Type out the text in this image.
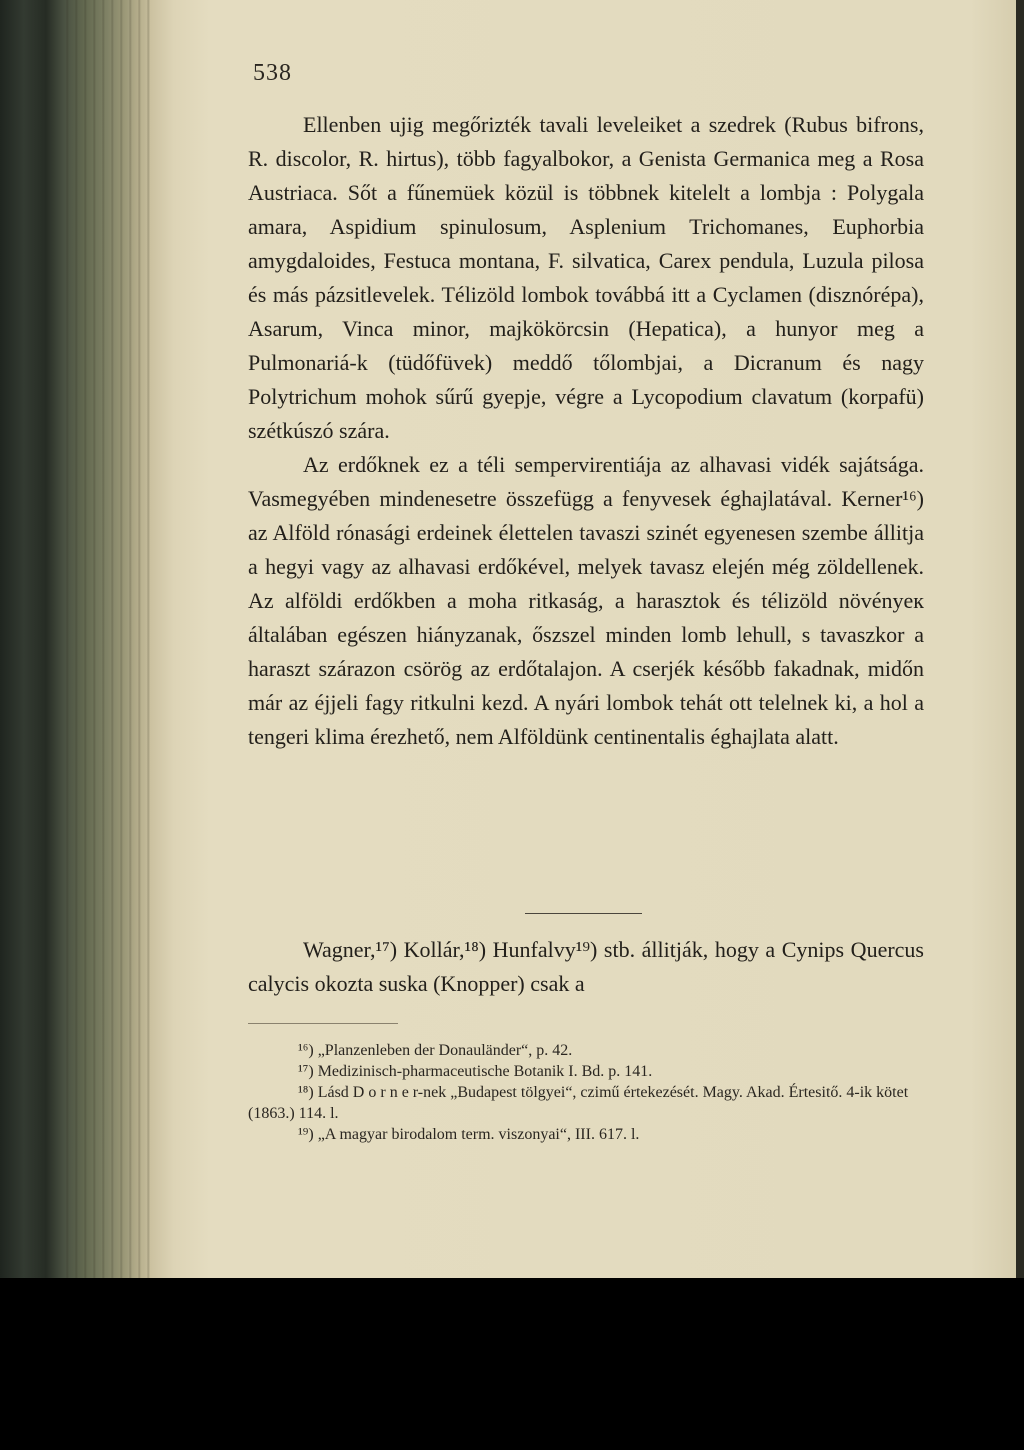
538

Ellenben ujig megőrizték tavali leveleiket a szedrek (Rubus bifrons, R. discolor, R. hirtus), több fagyalbokor, a Genista Germanica meg a Rosa Austriaca. Sőt a fűnemüek közül is többnek kitelelt a lombja : Polygala amara, Aspidium spinulosum, Asplenium Trichomanes, Euphorbia amygdaloides, Festuca montana, F. silvatica, Carex pendula, Luzula pilosa és más pázsitlevelek. Télizöld lombok továbbá itt a Cyclamen (disznórépa), Asarum, Vinca minor, majkökörcsin (Hepatica), a hunyor meg a Pulmonariá-k (tüdőfüvek) meddő tőlombjai, a Dicranum és nagy Polytrichum mohok sűrű gyepje, végre a Lycopodium clavatum (korpafü) szétkúszó szára.

Az erdőknek ez a téli sempervirentiája az alhavasi vidék sajátsága. Vasmegyében mindenesetre összefügg a fenyvesek éghajlatával. Kerner¹⁶) az Alföld rónasági erdeinek élettelen tavaszi szinét egyenesen szembe állitja a hegyi vagy az alhavasi erdőkével, melyek tavasz elején még zöldellenek. Az alföldi erdőkben a moha ritkaság, a harasztok és télizöld növényeк általában egészen hiányzanak, őszszel minden lomb lehull, s tavaszkor a haraszt szárazon csörög az erdőtalajon. A cserjék később fakadnak, midőn már az éjjeli fagy ritkulni kezd. A nyári lombok tehát ott telelnek ki, a hol a tengeri klima érezhető, nem Alföldünk centinentalis éghajlata alatt.

Wagner,¹⁷) Kollár,¹⁸) Hunfalvy¹⁹) stb. állitják, hogy a Cynips Quercus calycis okozta suska (Knopper) csak a

¹⁶) „Planzenleben der Donauländer“, p. 42.

¹⁷) Medizinisch-pharmaceutische Botanik I. Bd. p. 141.

¹⁸) Lásd D o r n e r-nek „Budapest tölgyei“, czimű értekezését. Magy. Akad. Értesitő. 4-ik kötet (1863.) 114. l.

¹⁹) „A magyar birodalom term. viszonyai“, III. 617. l.
